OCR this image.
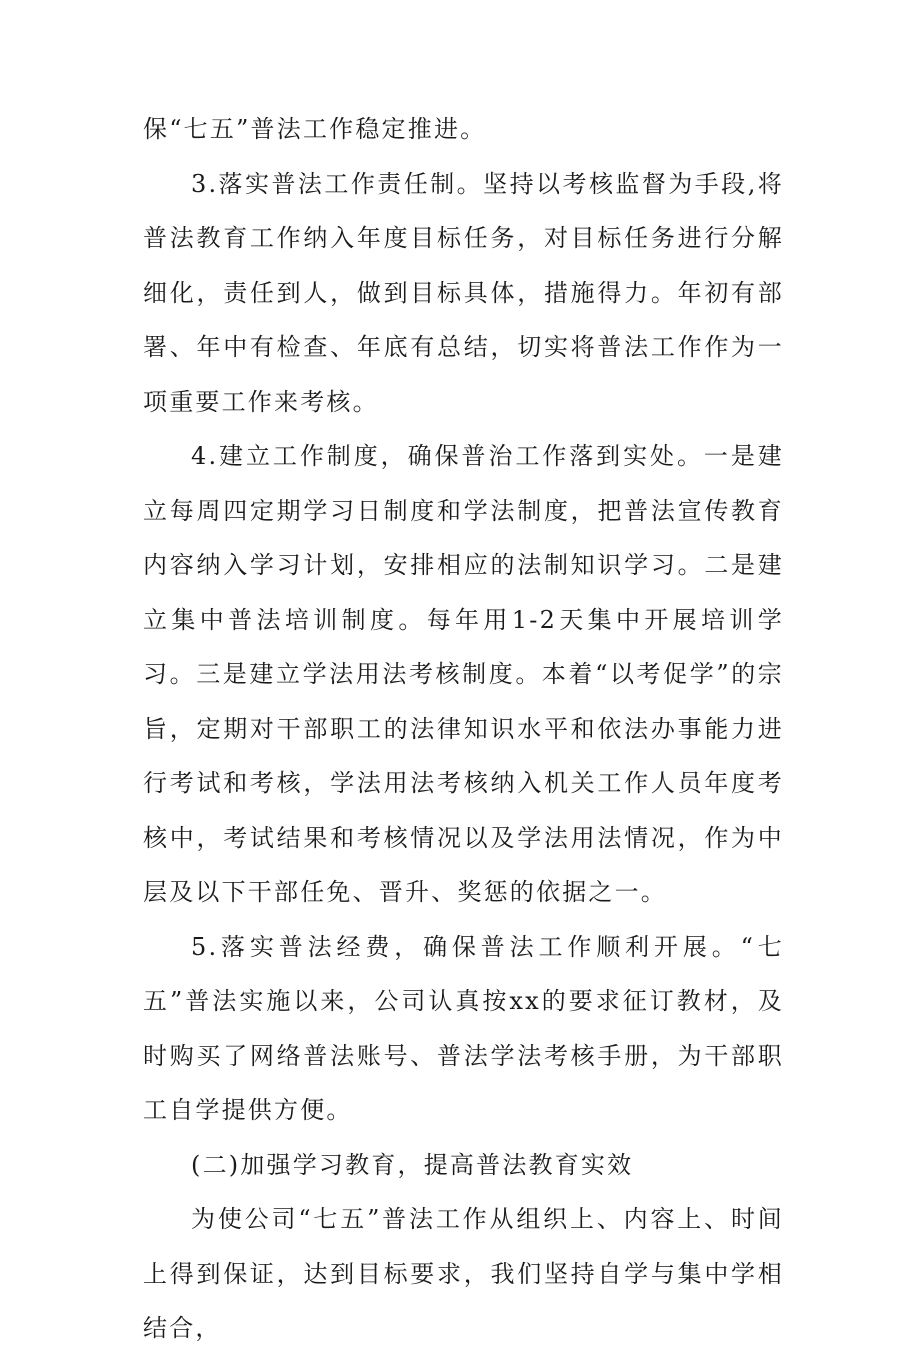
保“七五”普法工作稳定推进。

3.落实普法工作责任制。坚持以考核监督为手段,将普法教育工作纳入年度目标任务，对目标任务进行分解细化，责任到人，做到目标具体，措施得力。年初有部署、年中有检查、年底有总结，切实将普法工作作为一项重要工作来考核。

4.建立工作制度，确保普治工作落到实处。一是建立每周四定期学习日制度和学法制度，把普法宣传教育内容纳入学习计划，安排相应的法制知识学习。二是建立集中普法培训制度。每年用1-2天集中开展培训学习。三是建立学法用法考核制度。本着“以考促学”的宗旨，定期对干部职工的法律知识水平和依法办事能力进行考试和考核，学法用法考核纳入机关工作人员年度考核中，考试结果和考核情况以及学法用法情况，作为中层及以下干部任免、晋升、奖惩的依据之一。

5.落实普法经费，确保普法工作顺利开展。“七五”普法实施以来，公司认真按xx的要求征订教材，及时购买了网络普法账号、普法学法考核手册，为干部职工自学提供方便。

(二)加强学习教育，提高普法教育实效

为使公司“七五”普法工作从组织上、内容上、时间上得到保证，达到目标要求，我们坚持自学与集中学相结合，
